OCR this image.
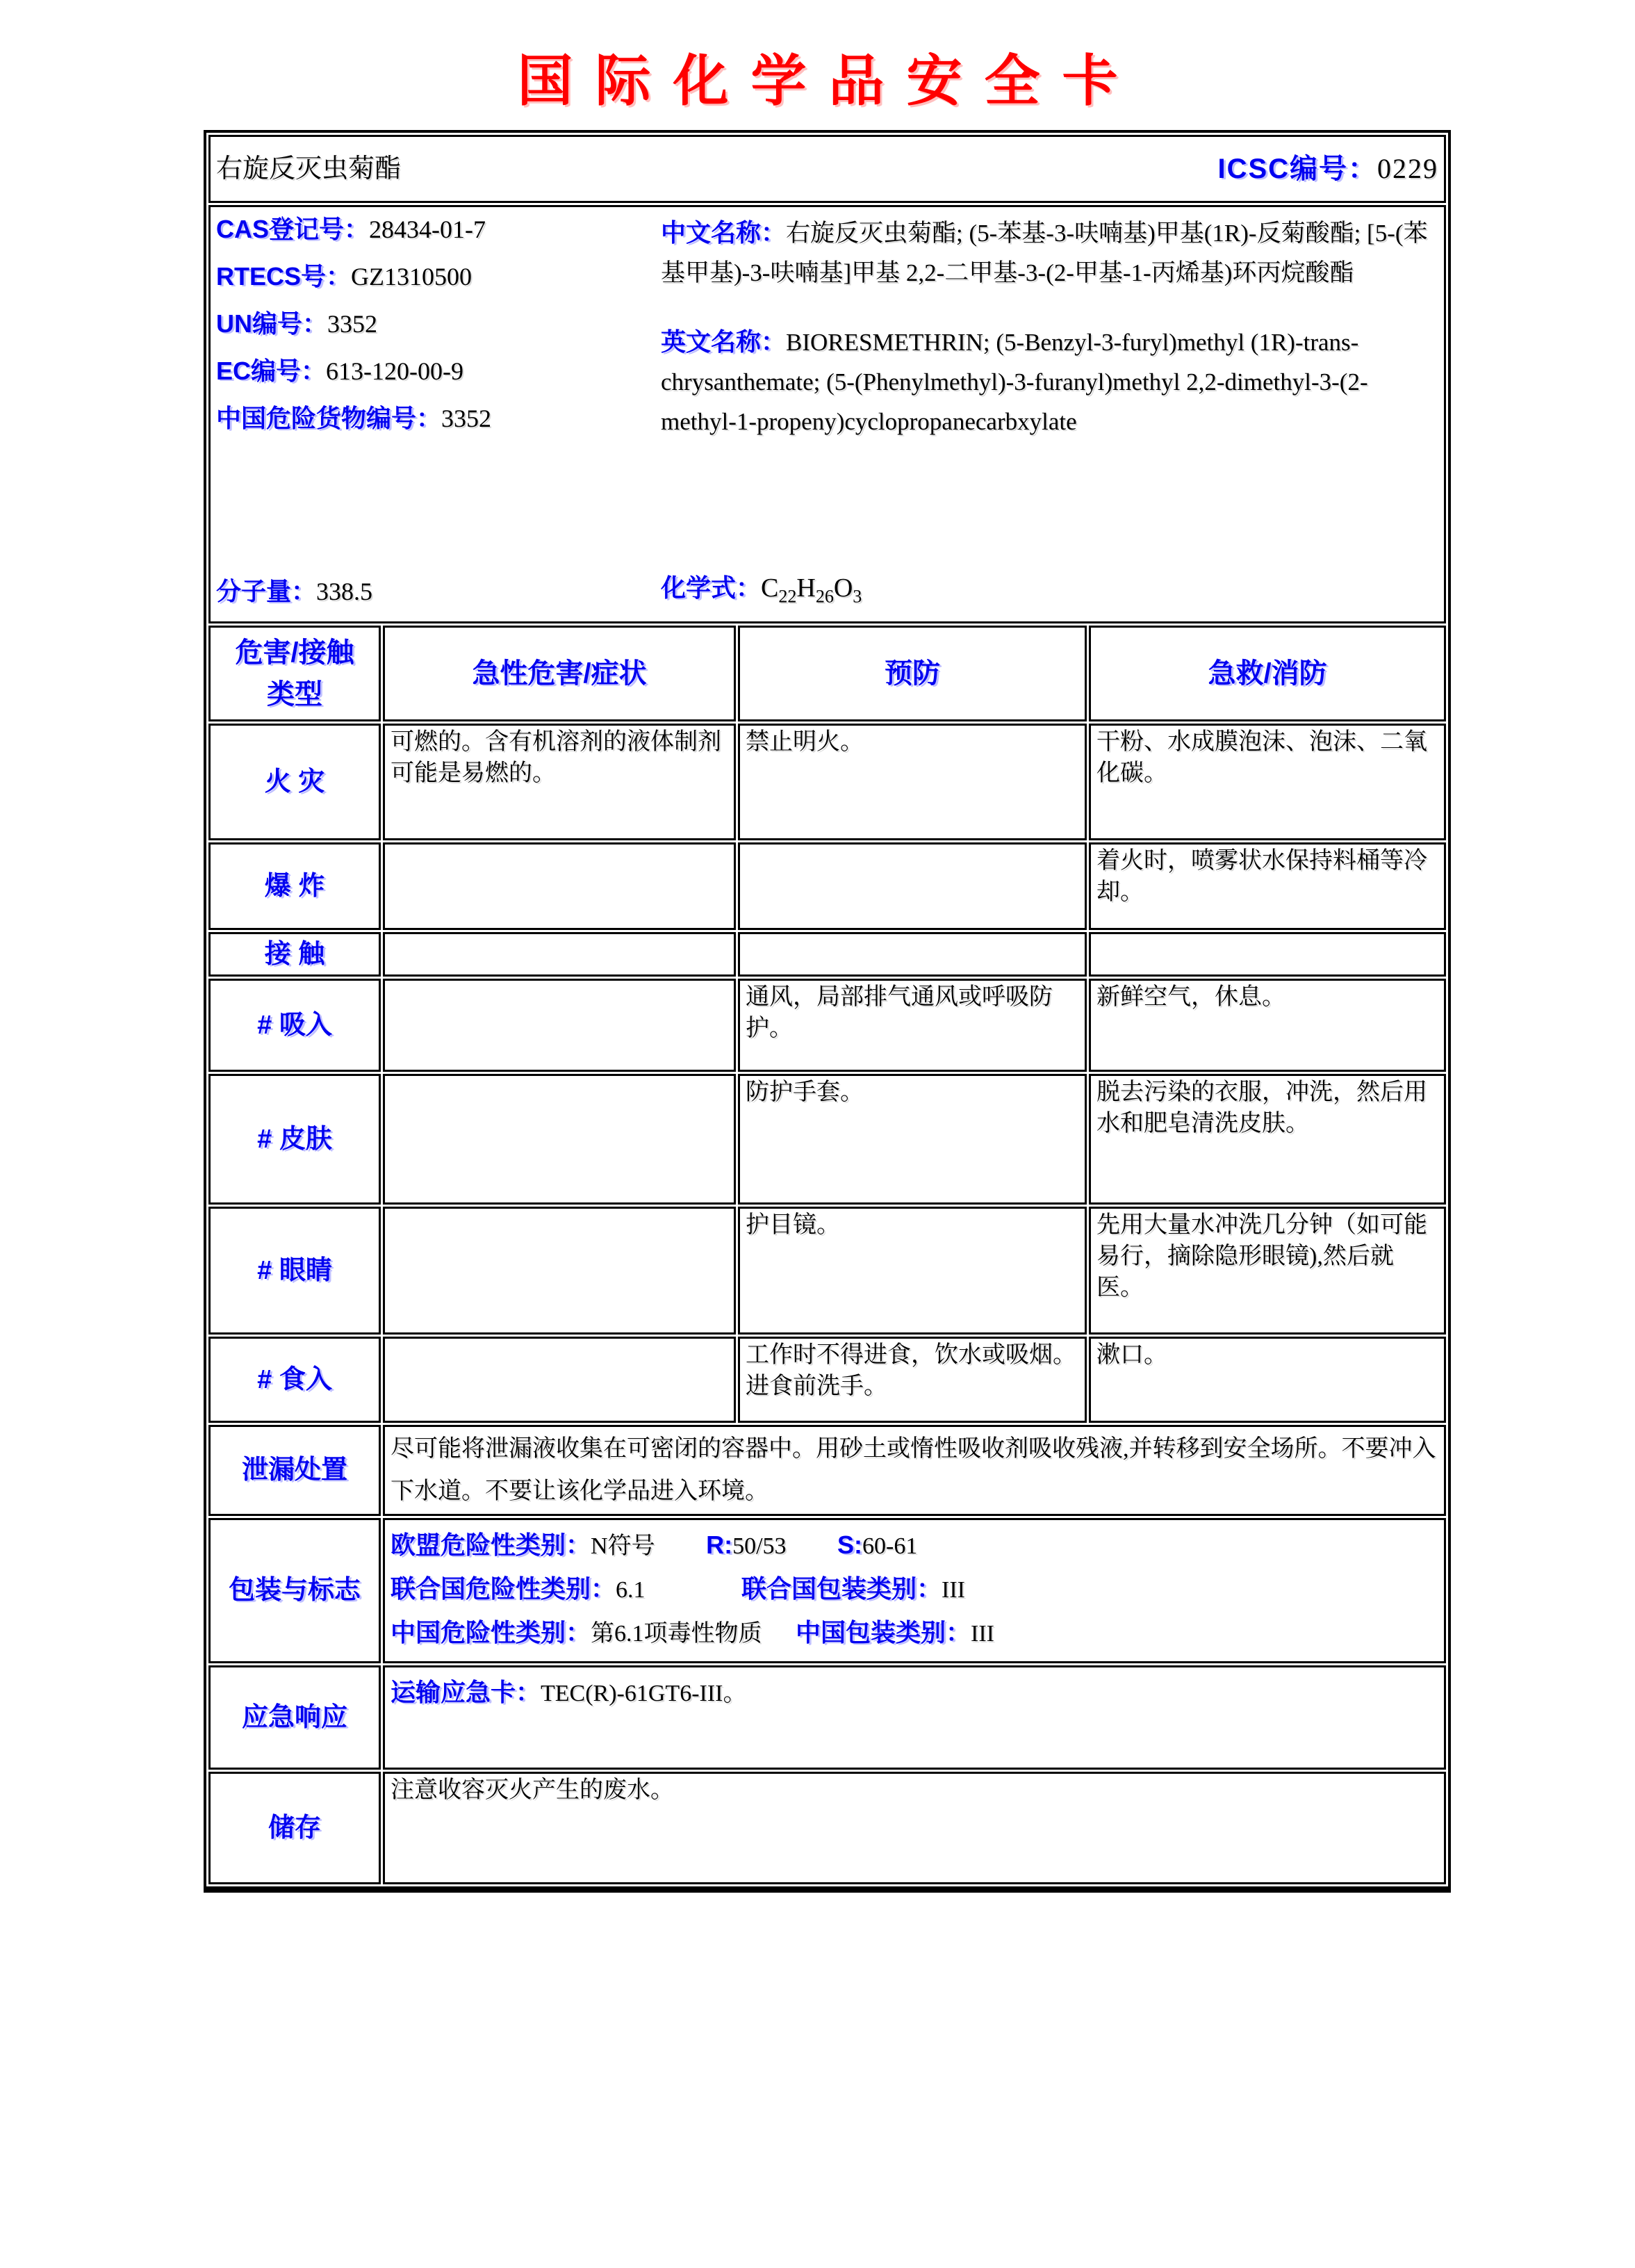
国际化学品安全卡
右旋反灭虫菊酯 ICSC编号：0229			

CAS登记号：28434-01-7
RTECS号：GZ1310500
UN编号：3352
EC编号：613-120-00-9
中国危险货物编号：3352
分子量：338.5

中文名称：右旋反灭虫菊酯; (5-苯基-3-呋喃基)甲基(1R)-反菊酸酯; [5-(苯基甲基)-3-呋喃基]甲基 2,2-二甲基-3-(2-甲基-1-丙烯基)环丙烷酸酯

英文名称：BIORESMETHRIN; (5-Benzyl-3-furyl)methyl (1R)-trans-chrysanthemate; (5-(Phenylmethyl)-3-furanyl)methyl 2,2-dimethyl-3-(2-methyl-1-propeny)cyclopropanecarbxylate

化学式：$C_{22}H_{26}O_3$

危害/接触
类型	急性危害/症状	预防	急救/消防
火 灾	可燃的。含有机溶剂的液体制剂可能是易燃的。	禁止明火。	干粉、水成膜泡沫、泡沫、二氧化碳。
爆 炸			着火时，喷雾状水保持料桶等冷却。
接 触			
# 吸入		通风，局部排气通风或呼吸防护。	新鲜空气，休息。
# 皮肤		防护手套。	脱去污染的衣服，冲洗，然后用水和肥皂清洗皮肤。
# 眼睛		护目镜。	先用大量水冲洗几分钟（如可能易行，摘除隐形眼镜),然后就医。
# 食入		工作时不得进食，饮水或吸烟。进食前洗手。	漱口。
泄漏处置	尽可能将泄漏液收集在可密闭的容器中。用砂土或惰性吸收剂吸收残液,并转移到安全场所。不要冲入下水道。不要让该化学品进入环境。		
包装与标志	欧盟危险性类别：N符号 R:50/53 S:60-61
联合国危险性类别：6.1 联合国包装类别：III
中国危险性类别：第6.1项毒性物质 中国包装类别：III		

应急响应	运输应急卡：TEC(R)-61GT6-III。		

储存	注意收容灭火产生的废水。		
